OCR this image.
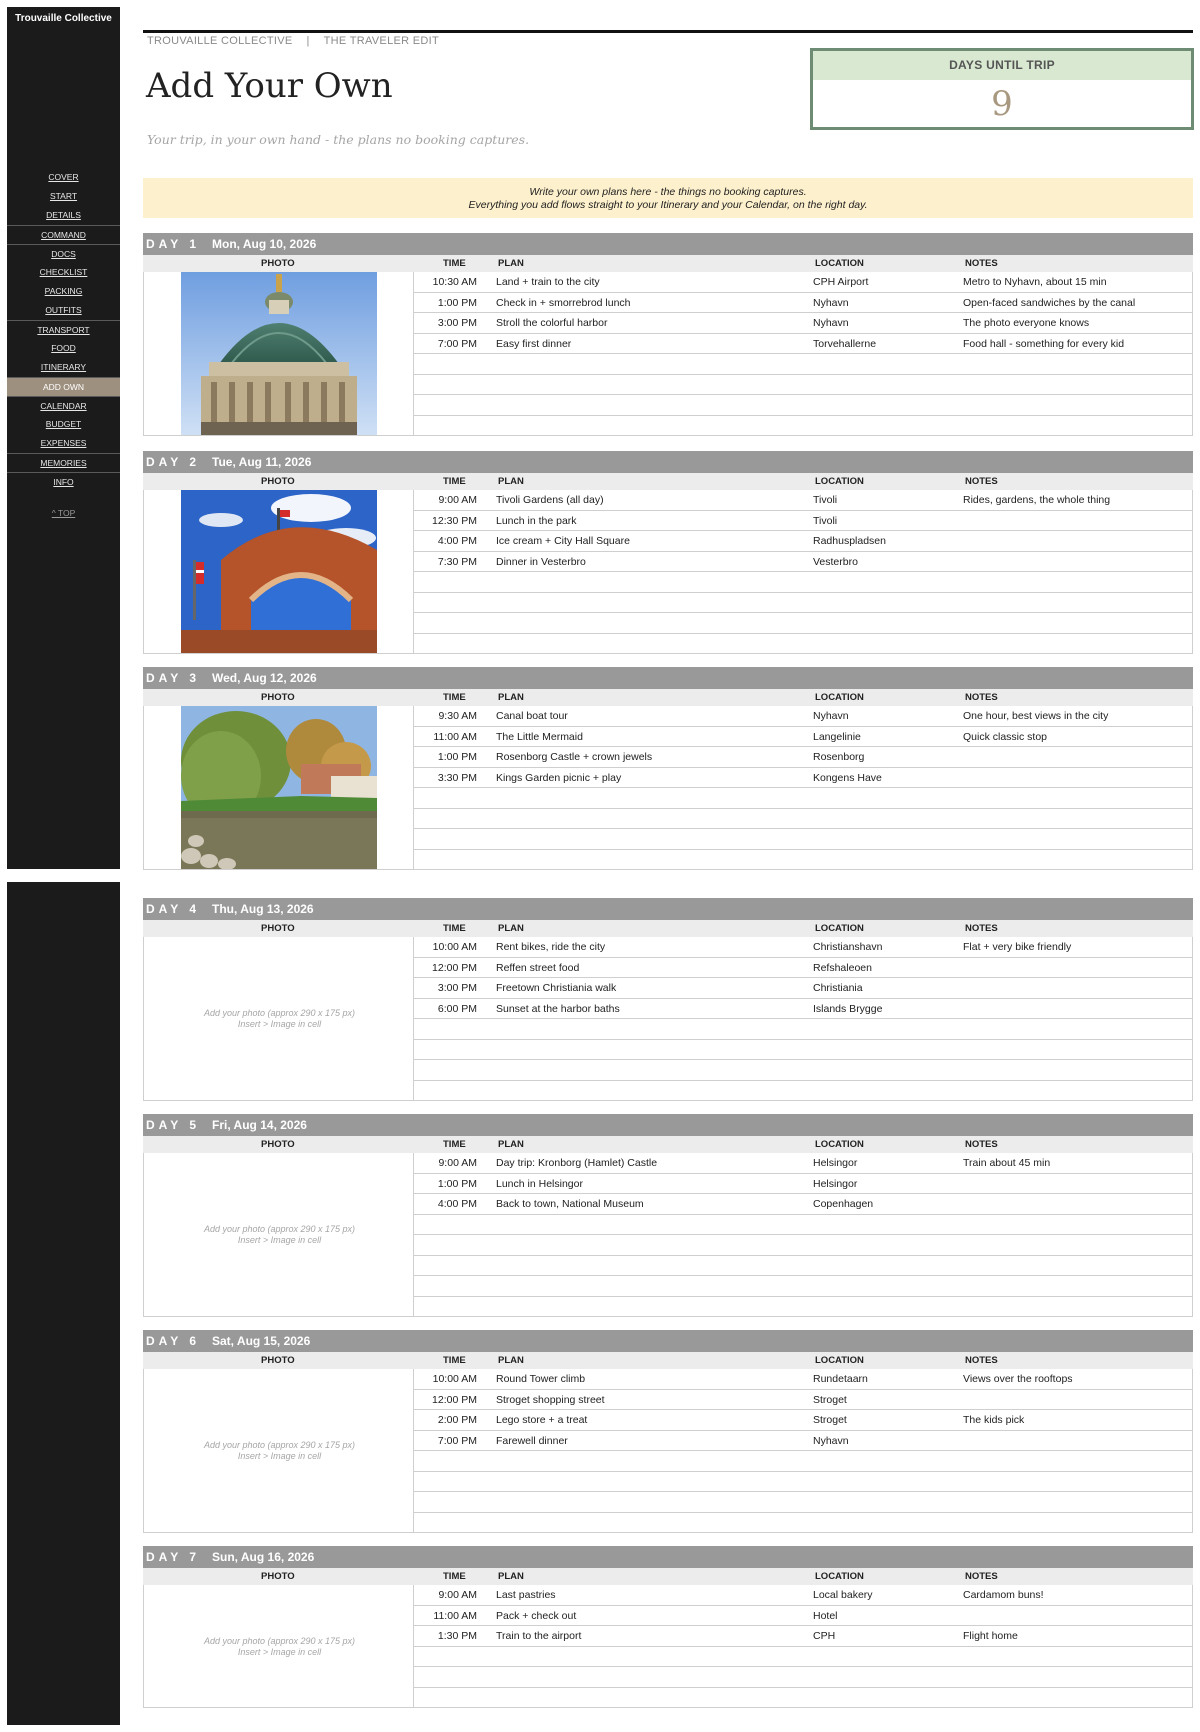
Trouvaille Collective
COVER
START
DETAILS
COMMAND
DOCS
CHECKLIST
PACKING
OUTFITS
TRANSPORT
FOOD
ITINERARY
ADD OWN
CALENDAR
BUDGET
EXPENSES
MEMORIES
INFO
^ TOP
TROUVAILLE COLLECTIVE | THE TRAVELER EDIT
Add Your Own
Your trip, in your own hand - the plans no booking captures.
DAYS UNTIL TRIP
9
Write your own plans here - the things no booking captures.
Everything you add flows straight to your Itinerary and your Calendar, on the right day.
DAY 1 Mon, Aug 10, 2026
PHOTO	TIME	PLAN	LOCATION	NOTES
10:30 AM Land + train to the city	CPH Airport	Metro to Nyhavn, about 15 min
1:00 PM Check in + smorrebrod lunch	Nyhavn	Open-faced sandwiches by the canal
3:00 PM Stroll the colorful harbor	Nyhavn	The photo everyone knows
7:00 PM Easy first dinner	Torvehallerne	Food hall - something for every kid
DAY 2 Tue, Aug 11, 2026
PHOTO	TIME	PLAN	LOCATION	NOTES
9:00 AM Tivoli Gardens (all day)	Tivoli	Rides, gardens, the whole thing
12:30 PM Lunch in the park	Tivoli
4:00 PM Ice cream + City Hall Square	Radhuspladsen
7:30 PM Dinner in Vesterbro	Vesterbro
DAY 3 Wed, Aug 12, 2026
PHOTO	TIME	PLAN	LOCATION	NOTES
9:30 AM Canal boat tour	Nyhavn	One hour, best views in the city
11:00 AM The Little Mermaid	Langelinie	Quick classic stop
1:00 PM Rosenborg Castle + crown jewels	Rosenborg
3:30 PM Kings Garden picnic + play	Kongens Have
DAY 4 Thu, Aug 13, 2026
PHOTO	TIME	PLAN	LOCATION	NOTES
Add your photo (approx 290 x 175 px)
Insert > Image in cell
10:00 AM Rent bikes, ride the city	Christianshavn	Flat + very bike friendly
12:00 PM Reffen street food	Refshaleoen
3:00 PM Freetown Christiania walk	Christiania
6:00 PM Sunset at the harbor baths	Islands Brygge
DAY 5 Fri, Aug 14, 2026
PHOTO	TIME	PLAN	LOCATION	NOTES
Add your photo (approx 290 x 175 px)
Insert > Image in cell
9:00 AM Day trip: Kronborg (Hamlet) Castle	Helsingor	Train about 45 min
1:00 PM Lunch in Helsingor	Helsingor
4:00 PM Back to town, National Museum	Copenhagen
DAY 6 Sat, Aug 15, 2026
PHOTO	TIME	PLAN	LOCATION	NOTES
Add your photo (approx 290 x 175 px)
Insert > Image in cell
10:00 AM Round Tower climb	Rundetaarn	Views over the rooftops
12:00 PM Stroget shopping street	Stroget
2:00 PM Lego store + a treat	Stroget	The kids pick
7:00 PM Farewell dinner	Nyhavn
DAY 7 Sun, Aug 16, 2026
PHOTO	TIME	PLAN	LOCATION	NOTES
Add your photo (approx 290 x 175 px)
Insert > Image in cell
9:00 AM Last pastries	Local bakery	Cardamom buns!
11:00 AM Pack + check out	Hotel
1:30 PM Train to the airport	CPH	Flight home
